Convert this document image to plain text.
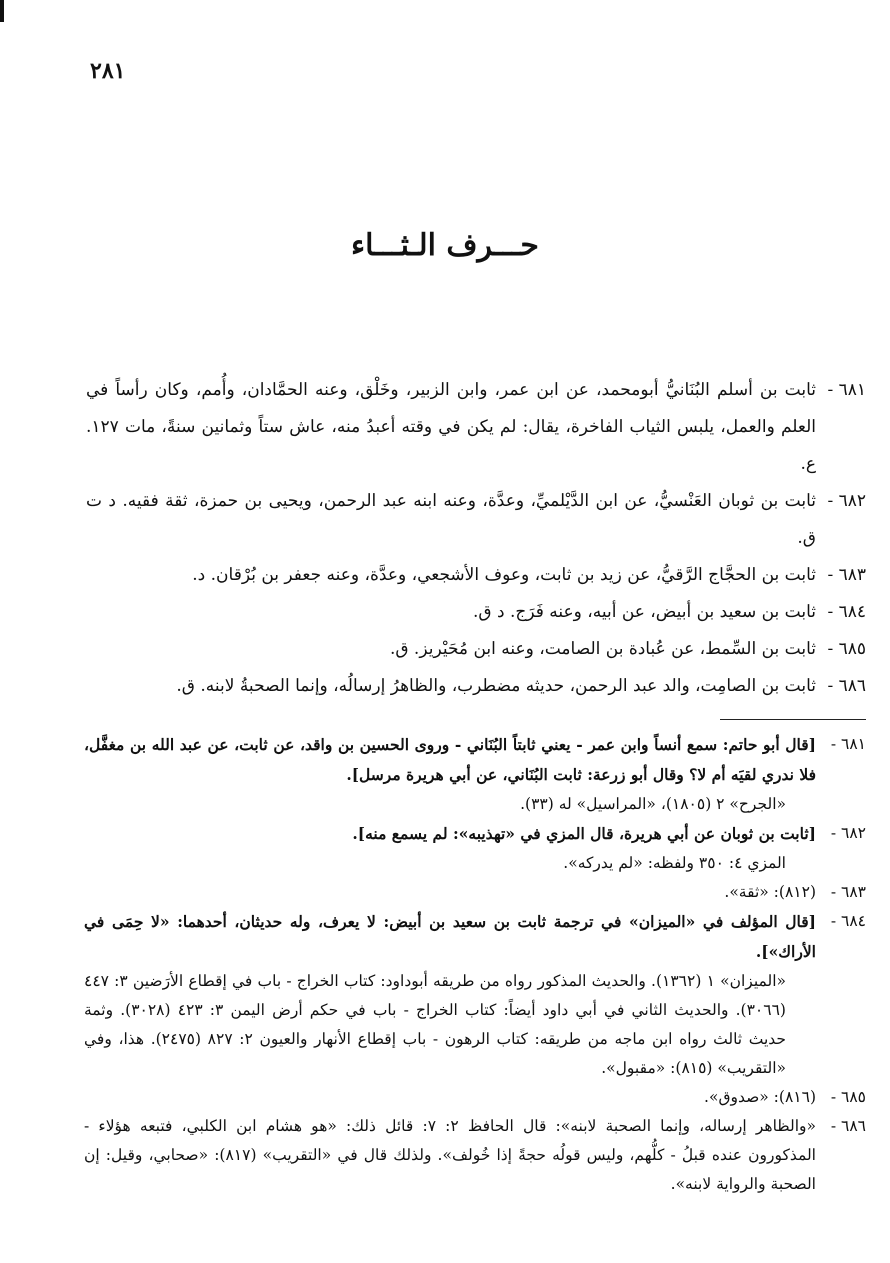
٢٨١
حـــرف الـثـــاء
٦٨١ -
ثابت بن أسلم البُنَانيُّ أبومحمد، عن ابن عمر، وابن الزبير، وخَلْق، وعنه الحمَّادان، وأُمم، وكان رأساً في العلم والعمل، يلبس الثياب الفاخرة، يقال: لم يكن في وقته أعبدُ منه، عاش ستاً وثمانين سنةً، مات ١٢٧. ع.
٦٨٢ -
ثابت بن ثوبان العَنْسيُّ، عن ابن الدَّيْلميِّ، وعدَّة، وعنه ابنه عبد الرحمن، ويحيى بن حمزة، ثقة فقيه. د ت ق.
٦٨٣ -
ثابت بن الحجَّاج الرَّقيُّ، عن زيد بن ثابت، وعوف الأشجعي، وعدَّة، وعنه جعفر بن بُرْقان. د.
٦٨٤ -
ثابت بن سعيد بن أبيض، عن أبيه، وعنه فَرَج. د ق.
٦٨٥ -
ثابت بن السِّمط، عن عُبادة بن الصامت، وعنه ابن مُحَيْريز. ق.
٦٨٦ -
ثابت بن الصامِت، والد عبد الرحمن، حديثه مضطرب، والظاهرُ إرسالُه، وإنما الصحبةُ لابنه. ق.
٦٨١ -
[قال أبو حاتم: سمع أنساً وابن عمر - يعني ثابتاً البُنَاني - وروى الحسين بن واقد، عن ثابت، عن عبد الله بن مغفَّل، فلا ندري لقيَه أم لا؟ وقال أبو زرعة: ثابت البُنَاني، عن أبي هريرة مرسل].
«الجرح» ٢ (١٨٠٥)، «المراسيل» له (٣٣).
٦٨٢ -
[ثابت بن ثوبان عن أبي هريرة، قال المزي في «تهذيبه»: لم يسمع منه].
المزي ٤: ٣٥٠ ولفظه: «لم يدركه».
٦٨٣ -
(٨١٢): «ثقة».
٦٨٤ -
[قال المؤلف في «الميزان» في ترجمة ثابت بن سعيد بن أبيض: لا يعرف، وله حديثان، أحدهما: «لا حِمَى في الأراك»].
«الميزان» ١ (١٣٦٢). والحديث المذكور رواه من طريقه أبوداود: كتاب الخراج - باب في إقطاع الأرَضين ٣: ٤٤٧ (٣٠٦٦). والحديث الثاني في أبي داود أيضاً: كتاب الخراج - باب في حكم أرض اليمن ٣: ٤٢٣ (٣٠٢٨). وثمة حديث ثالث رواه ابن ماجه من طريقه: كتاب الرهون - باب إقطاع الأنهار والعيون ٢: ٨٢٧ (٢٤٧٥). هذا، وفي «التقريب» (٨١٥): «مقبول».
٦٨٥ -
(٨١٦): «صدوق».
٦٨٦ -
«والظاهر إرساله، وإنما الصحبة لابنه»: قال الحافظ ٢: ٧: قائل ذلك: «هو هشام ابن الكلبي، فتبعه هؤلاء - المذكورون عنده قبلُ - كلُّهم، وليس قولُه حجةً إذا خُولف». ولذلك قال في «التقريب» (٨١٧): «صحابي، وقيل: إن الصحبة والرواية لابنه».
